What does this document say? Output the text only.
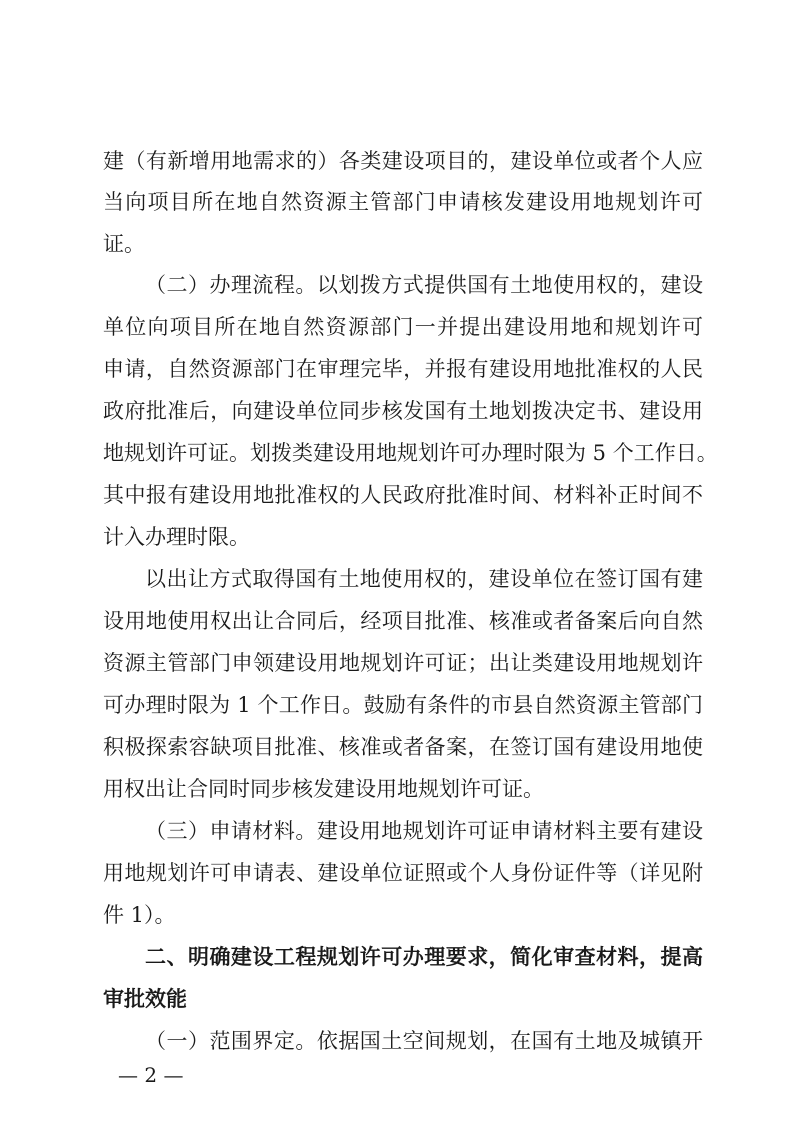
建（有新增用地需求的）各类建设项目的，建设单位或者个人应
当向项目所在地自然资源主管部门申请核发建设用地规划许可
证。
（二）办理流程。以划拨方式提供国有土地使用权的，建设
单位向项目所在地自然资源部门一并提出建设用地和规划许可
申请，自然资源部门在审理完毕，并报有建设用地批准权的人民
政府批准后，向建设单位同步核发国有土地划拨决定书、建设用
地规划许可证。划拨类建设用地规划许可办理时限为 5 个工作日。
其中报有建设用地批准权的人民政府批准时间、材料补正时间不
计入办理时限。
以出让方式取得国有土地使用权的，建设单位在签订国有建
设用地使用权出让合同后，经项目批准、核准或者备案后向自然
资源主管部门申领建设用地规划许可证；出让类建设用地规划许
可办理时限为 1 个工作日。鼓励有条件的市县自然资源主管部门
积极探索容缺项目批准、核准或者备案，在签订国有建设用地使
用权出让合同时同步核发建设用地规划许可证。
（三）申请材料。建设用地规划许可证申请材料主要有建设
用地规划许可申请表、建设单位证照或个人身份证件等（详见附
件 1）。
二、明确建设工程规划许可办理要求，简化审查材料，提高
审批效能
（一）范围界定。依据国土空间规划，在国有土地及城镇开
— 2 —
